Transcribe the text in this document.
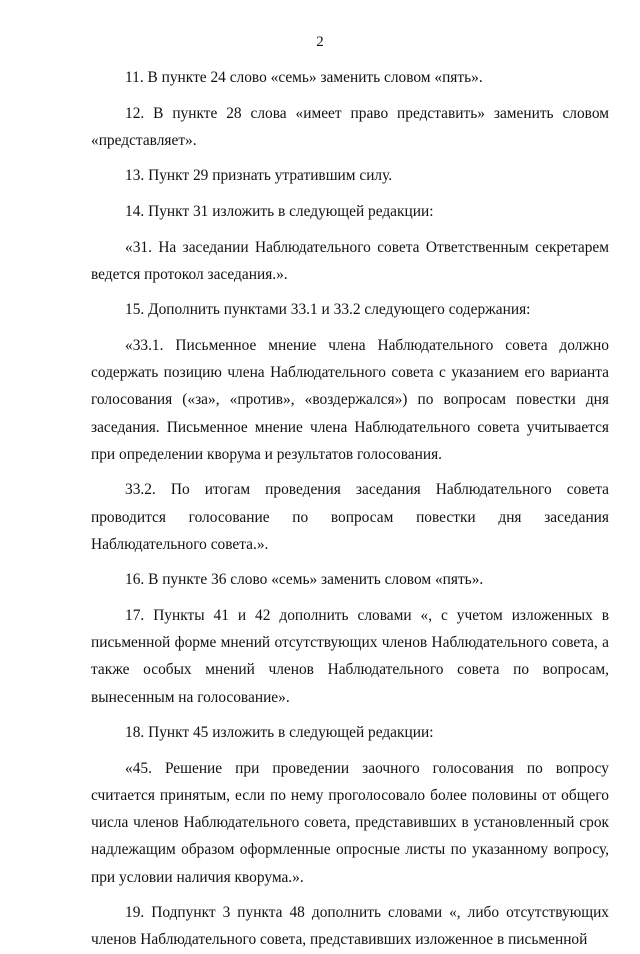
2

11. В пункте 24 слово «семь» заменить словом «пять».

12. В пункте 28 слова «имеет право представить» заменить словом «представляет».

13. Пункт 29 признать утратившим силу.

14. Пункт 31 изложить в следующей редакции:

«31. На заседании Наблюдательного совета Ответственным секретарем ведется протокол заседания.».

15. Дополнить пунктами 33.1 и 33.2 следующего содержания:

«33.1. Письменное мнение члена Наблюдательного совета должно содержать позицию члена Наблюдательного совета с указанием его варианта голосования («за», «против», «воздержался») по вопросам повестки дня заседания. Письменное мнение члена Наблюдательного совета учитывается при определении кворума и результатов голосования.

33.2. По итогам проведения заседания Наблюдательного совета проводится голосование по вопросам повестки дня заседания Наблюдательного совета.».

16. В пункте 36 слово «семь» заменить словом «пять».

17. Пункты 41 и 42 дополнить словами «, с учетом изложенных в письменной форме мнений отсутствующих членов Наблюдательного совета, а также особых мнений членов Наблюдательного совета по вопросам, вынесенным на голосование».

18. Пункт 45 изложить в следующей редакции:

«45. Решение при проведении заочного голосования по вопросу считается принятым, если по нему проголосовало более половины от общего числа членов Наблюдательного совета, представивших в установленный срок надлежащим образом оформленные опросные листы по указанному вопросу, при условии наличия кворума.».

19. Подпункт 3 пункта 48 дополнить словами «, либо отсутствующих членов Наблюдательного совета, представивших изложенное в письменной
